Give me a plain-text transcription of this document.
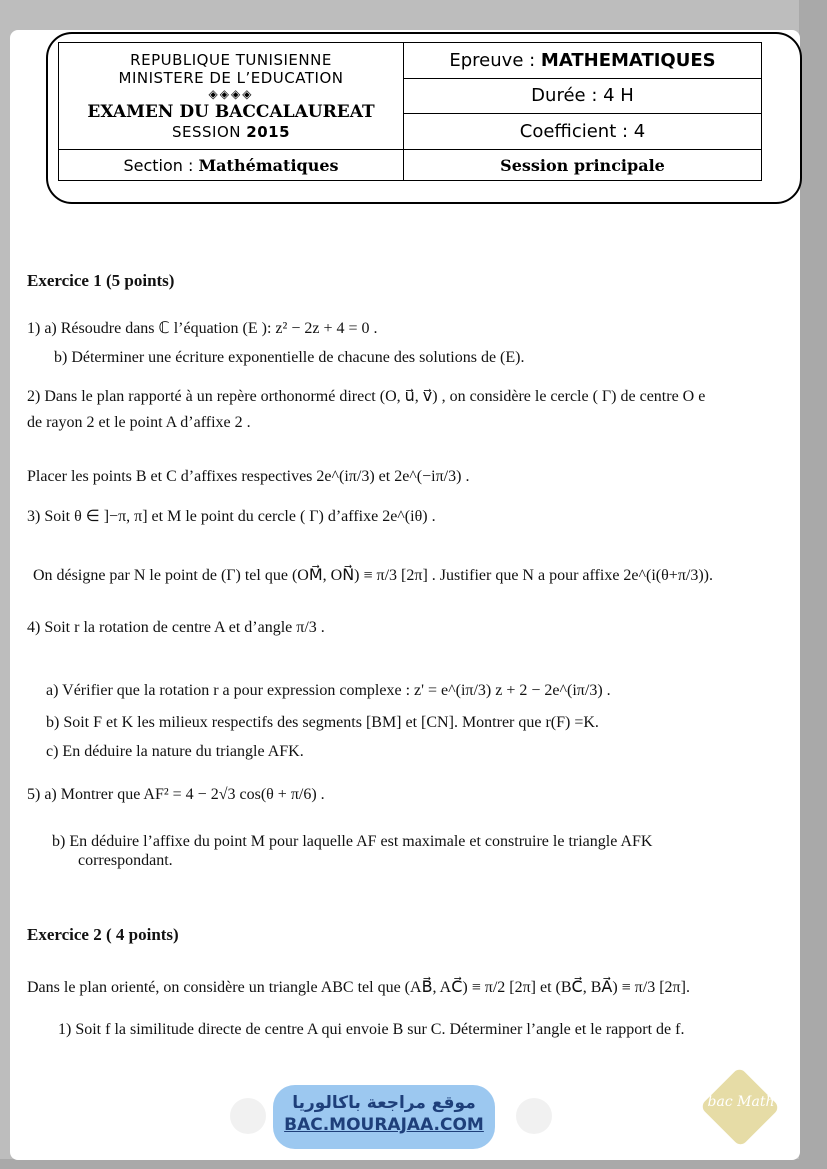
REPUBLIQUE TUNISIENNE
MINISTERE DE L’EDUCATION
◈◈◈◈
EXAMEN DU BACCALAUREAT
SESSION 2015	Epreuve : MATHEMATIQUES
	Durée : 4 H
	Coefficient : 4
Section : Mathématiques	Session principale
Exercice 1 (5 points)
1) a) Résoudre dans ℂ l’équation (E ): z² − 2z + 4 = 0 .
b) Déterminer une écriture exponentielle de chacune des solutions de (E).
2) Dans le plan rapporté à un repère orthonormé direct (O, u⃗, v⃗) , on considère le cercle ( Γ) de centre O e
de rayon 2 et le point A d’affixe 2 .
Placer les points B et C d’affixes respectives 2e^(iπ/3) et 2e^(−iπ/3) .
3) Soit θ ∈ ]−π, π] et M le point du cercle ( Γ) d’affixe 2e^(iθ) .
On désigne par N le point de (Γ) tel que (OM⃗, ON⃗) ≡ π/3 [2π] . Justifier que N a pour affixe 2e^(i(θ+π/3)).
4) Soit r la rotation de centre A et d’angle π/3 .
a) Vérifier que la rotation r a pour expression complexe : z' = e^(iπ/3) z + 2 − 2e^(iπ/3) .
b) Soit F et K les milieux respectifs des segments [BM] et [CN]. Montrer que r(F) =K.
c) En déduire la nature du triangle AFK.
5) a) Montrer que AF² = 4 − 2√3 cos(θ + π/6) .
b) En déduire l’affixe du point M pour laquelle AF est maximale et construire le triangle AFK
correspondant.
Exercice 2 ( 4 points)
Dans le plan orienté, on considère un triangle ABC tel que (AB⃗, AC⃗) ≡ π/2 [2π] et (BC⃗, BA⃗) ≡ π/3 [2π].
1) Soit f la similitude directe de centre A qui envoie B sur C. Déterminer l’angle et le rapport de f.
موقع مراجعة باكالوريا
BAC.MOURAJAA.COM
bac Math
